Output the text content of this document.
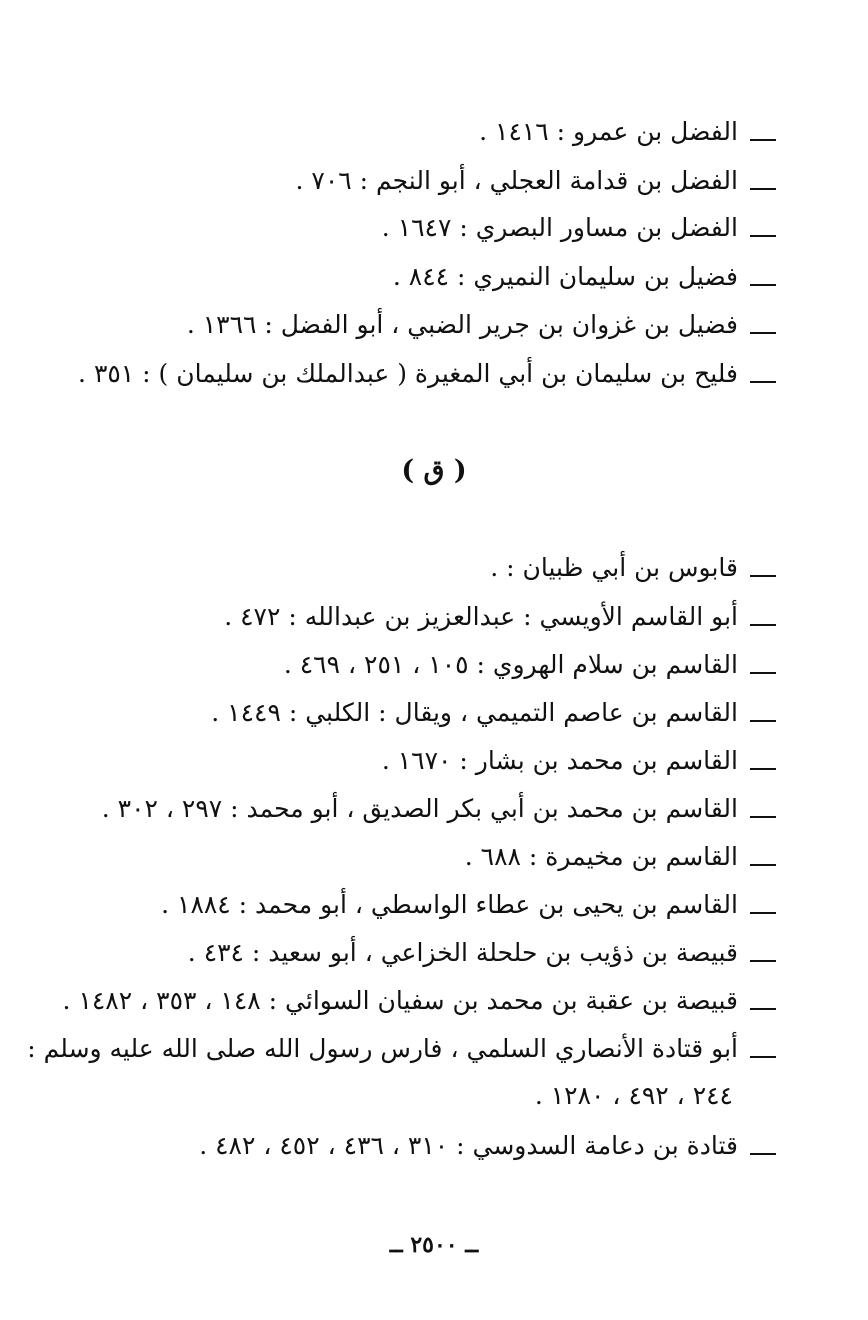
الفضل بن عمرو : ١٤١٦ .
الفضل بن قدامة العجلي ، أبو النجم : ٧٠٦ .
الفضل بن مساور البصري : ١٦٤٧ .
فضيل بن سليمان النميري : ٨٤٤ .
فضيل بن غزوان بن جرير الضبي ، أبو الفضل : ١٣٦٦ .
فليح بن سليمان بن أبي المغيرة ( عبدالملك بن سليمان ) : ٣٥١ .
( ق )
قابوس بن أبي ظبيان : .
أبو القاسم الأويسي : عبدالعزيز بن عبدالله : ٤٧٢ .
القاسم بن سلام الهروي : ١٠٥ ، ٢٥١ ، ٤٦٩ .
القاسم بن عاصم التميمي ، ويقال : الكلبي : ١٤٤٩ .
القاسم بن محمد بن بشار : ١٦٧٠ .
القاسم بن محمد بن أبي بكر الصديق ، أبو محمد : ٢٩٧ ، ٣٠٢ .
القاسم بن مخيمرة : ٦٨٨ .
القاسم بن يحيى بن عطاء الواسطي ، أبو محمد : ١٨٨٤ .
قبيصة بن ذؤيب بن حلحلة الخزاعي ، أبو سعيد : ٤٣٤ .
قبيصة بن عقبة بن محمد بن سفيان السوائي : ١٤٨ ، ٣٥٣ ، ١٤٨٢ .
أبو قتادة الأنصاري السلمي ، فارس رسول الله صلى الله عليه وسلم :
٢٤٤ ، ٤٩٢ ، ١٢٨٠ .
قتادة بن دعامة السدوسي : ٣١٠ ، ٤٣٦ ، ٤٥٢ ، ٤٨٢ .
ــ ٢٥٠٠ ــ
